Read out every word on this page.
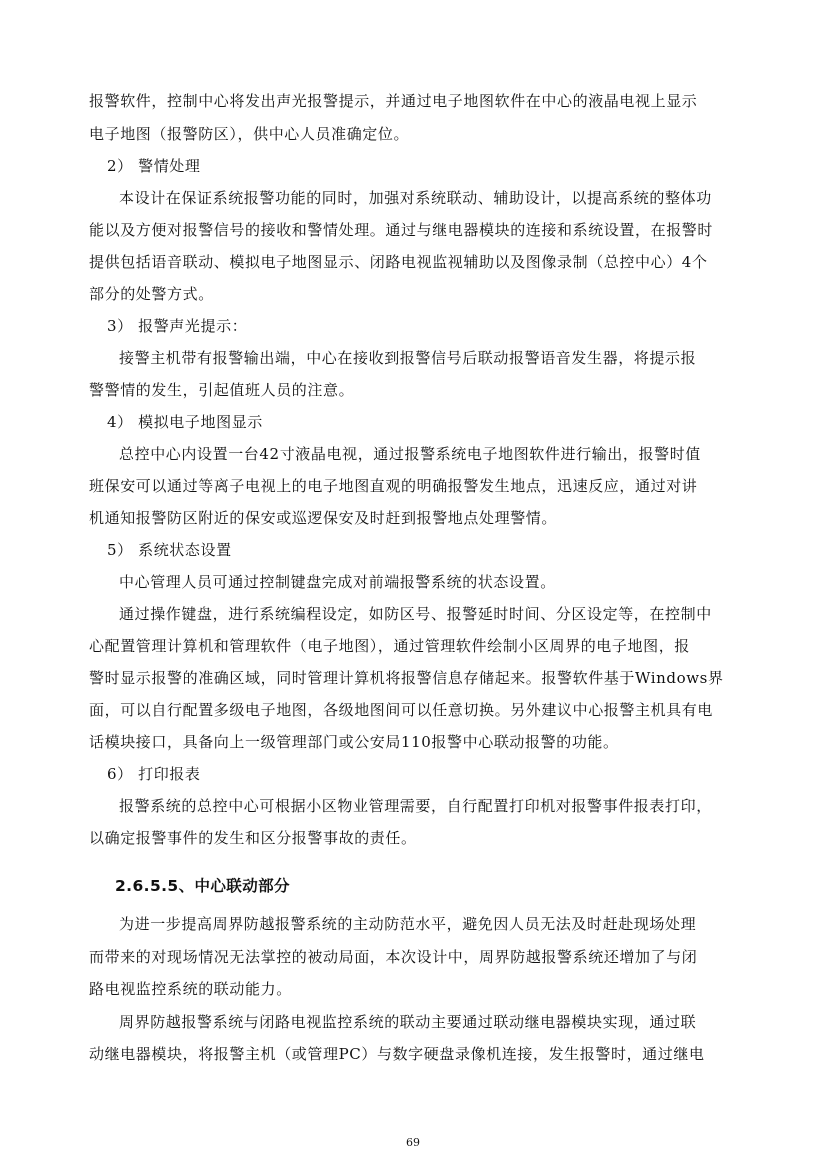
报警软件，控制中心将发出声光报警提示，并通过电子地图软件在中心的液晶电视上显示
电子地图（报警防区），供中心人员准确定位。
2） 警情处理
本设计在保证系统报警功能的同时，加强对系统联动、辅助设计，以提高系统的整体功
能以及方便对报警信号的接收和警情处理。通过与继电器模块的连接和系统设置，在报警时
提供包括语音联动、模拟电子地图显示、闭路电视监视辅助以及图像录制（总控中心）4个
部分的处警方式。
3） 报警声光提示：
接警主机带有报警输出端，中心在接收到报警信号后联动报警语音发生器，将提示报
警警情的发生，引起值班人员的注意。
4） 模拟电子地图显示
总控中心内设置一台42寸液晶电视，通过报警系统电子地图软件进行输出，报警时值
班保安可以通过等离子电视上的电子地图直观的明确报警发生地点，迅速反应，通过对讲
机通知报警防区附近的保安或巡逻保安及时赶到报警地点处理警情。
5） 系统状态设置
中心管理人员可通过控制键盘完成对前端报警系统的状态设置。
通过操作键盘，进行系统编程设定，如防区号、报警延时时间、分区设定等，在控制中
心配置管理计算机和管理软件（电子地图），通过管理软件绘制小区周界的电子地图，报
警时显示报警的准确区域，同时管理计算机将报警信息存储起来。报警软件基于Windows界
面，可以自行配置多级电子地图，各级地图间可以任意切换。另外建议中心报警主机具有电
话模块接口，具备向上一级管理部门或公安局110报警中心联动报警的功能。
6） 打印报表
报警系统的总控中心可根据小区物业管理需要，自行配置打印机对报警事件报表打印，
以确定报警事件的发生和区分报警事故的责任。
2.6.5.5、中心联动部分
为进一步提高周界防越报警系统的主动防范水平，避免因人员无法及时赶赴现场处理
而带来的对现场情况无法掌控的被动局面，本次设计中，周界防越报警系统还增加了与闭
路电视监控系统的联动能力。
周界防越报警系统与闭路电视监控系统的联动主要通过联动继电器模块实现，通过联
动继电器模块，将报警主机（或管理PC）与数字硬盘录像机连接，发生报警时，通过继电
69
